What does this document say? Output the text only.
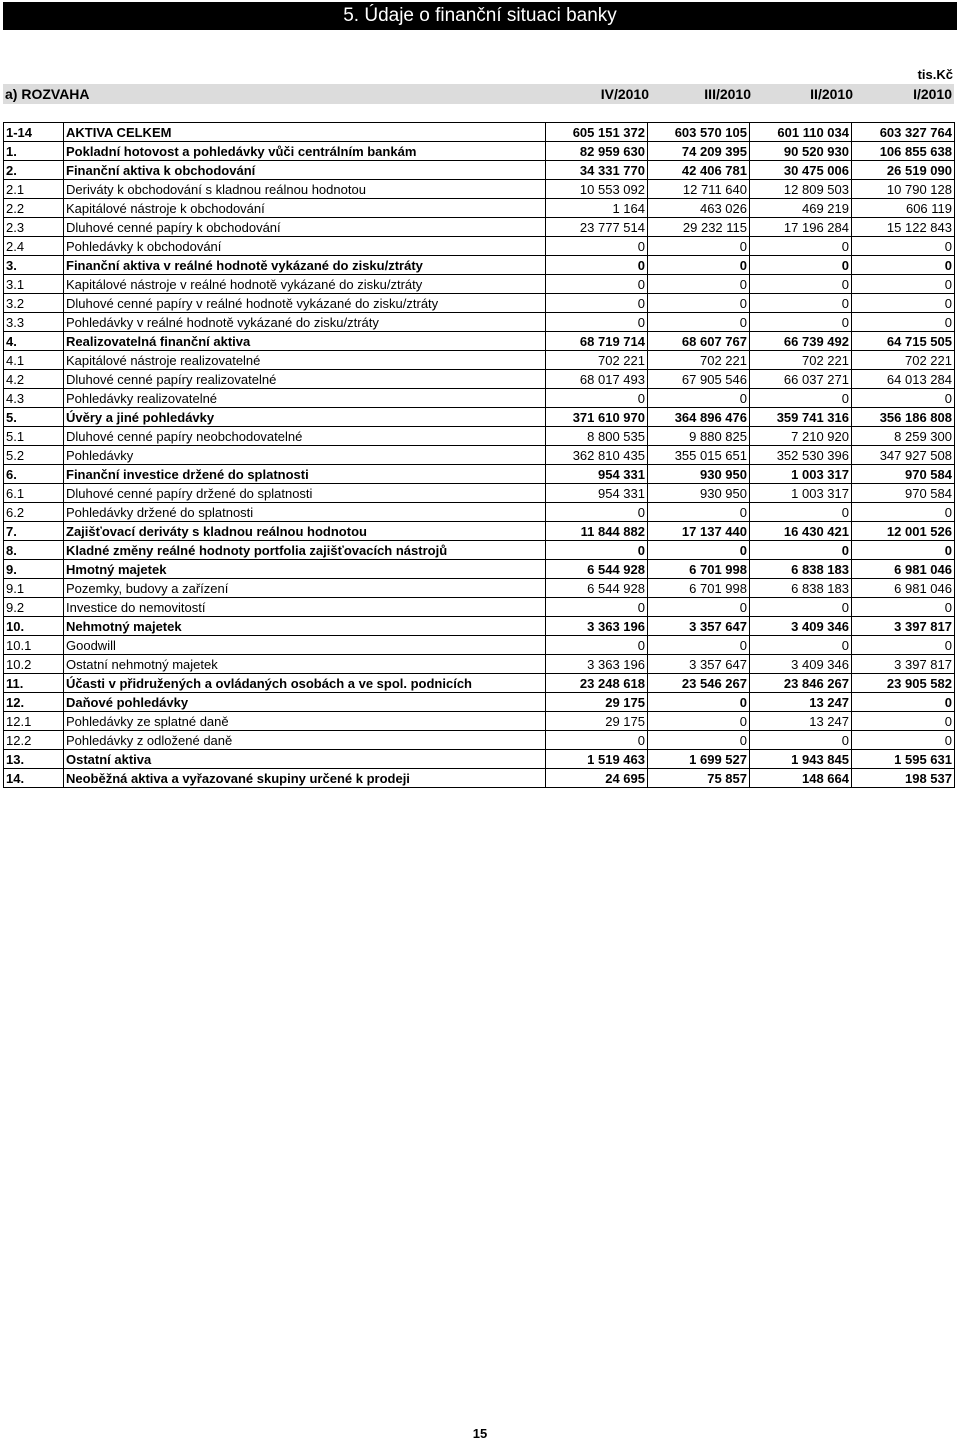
5. Údaje o finanční situaci banky
tis.Kč
a) ROZVAHA	IV/2010	III/2010	II/2010	I/2010
1-14	AKTIVA CELKEM	605 151 372	603 570 105	601 110 034	603 327 764
1.	Pokladní hotovost a pohledávky vůči centrálním bankám	82 959 630	74 209 395	90 520 930	106 855 638
2.	Finanční aktiva k obchodování	34 331 770	42 406 781	30 475 006	26 519 090
2.1	Deriváty k obchodování s kladnou reálnou hodnotou	10 553 092	12 711 640	12 809 503	10 790 128
2.2	Kapitálové nástroje k obchodování	1 164	463 026	469 219	606 119
2.3	Dluhové cenné papíry k obchodování	23 777 514	29 232 115	17 196 284	15 122 843
2.4	Pohledávky k obchodování	0	0	0	0
3.	Finanční aktiva v reálné hodnotě vykázané do zisku/ztráty	0	0	0	0
3.1	Kapitálové nástroje v reálné hodnotě vykázané do zisku/ztráty	0	0	0	0
3.2	Dluhové cenné papíry v reálné hodnotě vykázané do zisku/ztráty	0	0	0	0
3.3	Pohledávky v reálné hodnotě vykázané do zisku/ztráty	0	0	0	0
4.	Realizovatelná finanční aktiva	68 719 714	68 607 767	66 739 492	64 715 505
4.1	Kapitálové nástroje realizovatelné	702 221	702 221	702 221	702 221
4.2	Dluhové cenné papíry realizovatelné	68 017 493	67 905 546	66 037 271	64 013 284
4.3	Pohledávky realizovatelné	0	0	0	0
5.	Úvěry a jiné pohledávky	371 610 970	364 896 476	359 741 316	356 186 808
5.1	Dluhové cenné papíry neobchodovatelné	8 800 535	9 880 825	7 210 920	8 259 300
5.2	Pohledávky	362 810 435	355 015 651	352 530 396	347 927 508
6.	Finanční investice držené do splatnosti	954 331	930 950	1 003 317	970 584
6.1	Dluhové cenné papíry držené do splatnosti	954 331	930 950	1 003 317	970 584
6.2	Pohledávky držené do splatnosti	0	0	0	0
7.	Zajišťovací deriváty s kladnou reálnou hodnotou	11 844 882	17 137 440	16 430 421	12 001 526
8.	Kladné změny reálné hodnoty portfolia zajišťovacích nástrojů	0	0	0	0
9.	Hmotný majetek	6 544 928	6 701 998	6 838 183	6 981 046
9.1	Pozemky, budovy a zařízení	6 544 928	6 701 998	6 838 183	6 981 046
9.2	Investice do nemovitostí	0	0	0	0
10.	Nehmotný majetek	3 363 196	3 357 647	3 409 346	3 397 817
10.1	Goodwill	0	0	0	0
10.2	Ostatní nehmotný majetek	3 363 196	3 357 647	3 409 346	3 397 817
11.	Účasti v přidružených a ovládaných osobách a ve spol. podnicích	23 248 618	23 546 267	23 846 267	23 905 582
12.	Daňové pohledávky	29 175	0	13 247	0
12.1	Pohledávky ze splatné daně	29 175	0	13 247	0
12.2	Pohledávky z odložené daně	0	0	0	0
13.	Ostatní aktiva	1 519 463	1 699 527	1 943 845	1 595 631
14.	Neoběžná aktiva a vyřazované skupiny určené k prodeji	24 695	75 857	148 664	198 537
15
